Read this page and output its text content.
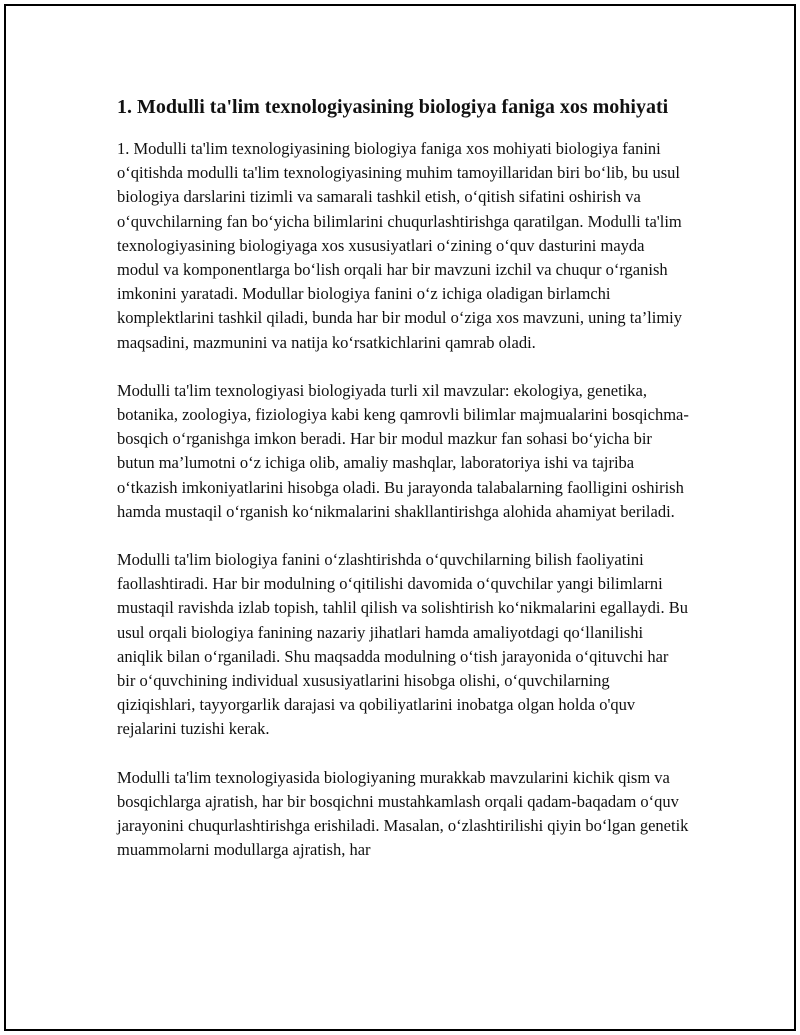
1. Modulli ta'lim texnologiyasining biologiya faniga xos mohiyati

1. Modulli ta'lim texnologiyasining biologiya faniga xos mohiyati biologiya fanini o‘qitishda modulli ta'lim texnologiyasining muhim tamoyillaridan biri bo‘lib, bu usul biologiya darslarini tizimli va samarali tashkil etish, o‘qitish sifatini oshirish va o‘quvchilarning fan bo‘yicha bilimlarini chuqurlashtirishga qaratilgan. Modulli ta'lim texnologiyasining biologiyaga xos xususiyatlari o‘zining o‘quv dasturini mayda modul va komponentlarga bo‘lish orqali har bir mavzuni izchil va chuqur o‘rganish imkonini yaratadi. Modullar biologiya fanini o‘z ichiga oladigan birlamchi komplektlarini tashkil qiladi, bunda har bir modul o‘ziga xos mavzuni, uning ta’limiy maqsadini, mazmunini va natija ko‘rsatkichlarini qamrab oladi.

Modulli ta'lim texnologiyasi biologiyada turli xil mavzular: ekologiya, genetika, botanika, zoologiya, fiziologiya kabi keng qamrovli bilimlar majmualarini bosqichma-bosqich o‘rganishga imkon beradi. Har bir modul mazkur fan sohasi bo‘yicha bir butun ma’lumotni o‘z ichiga olib, amaliy mashqlar, laboratoriya ishi va tajriba o‘tkazish imkoniyatlarini hisobga oladi. Bu jarayonda talabalarning faolligini oshirish hamda mustaqil o‘rganish ko‘nikmalarini shakllantirishga alohida ahamiyat beriladi.

Modulli ta'lim biologiya fanini o‘zlashtirishda o‘quvchilarning bilish faoliyatini faollashtiradi. Har bir modulning o‘qitilishi davomida o‘quvchilar yangi bilimlarni mustaqil ravishda izlab topish, tahlil qilish va solishtirish ko‘nikmalarini egallaydi. Bu usul orqali biologiya fanining nazariy jihatlari hamda amaliyotdagi qo‘llanilishi aniqlik bilan o‘rganiladi. Shu maqsadda modulning o‘tish jarayonida o‘qituvchi har bir o‘quvchining individual xususiyatlarini hisobga olishi, o‘quvchilarning qiziqishlari, tayyorgarlik darajasi va qobiliyatlarini inobatga olgan holda o'quv rejalarini tuzishi kerak.

Modulli ta'lim texnologiyasida biologiyaning murakkab mavzularini kichik qism va bosqichlarga ajratish, har bir bosqichni mustahkamlash orqali qadam-baqadam o‘quv jarayonini chuqurlashtirishga erishiladi. Masalan, o‘zlashtirilishi qiyin bo‘lgan genetik muammolarni modullarga ajratish, har
